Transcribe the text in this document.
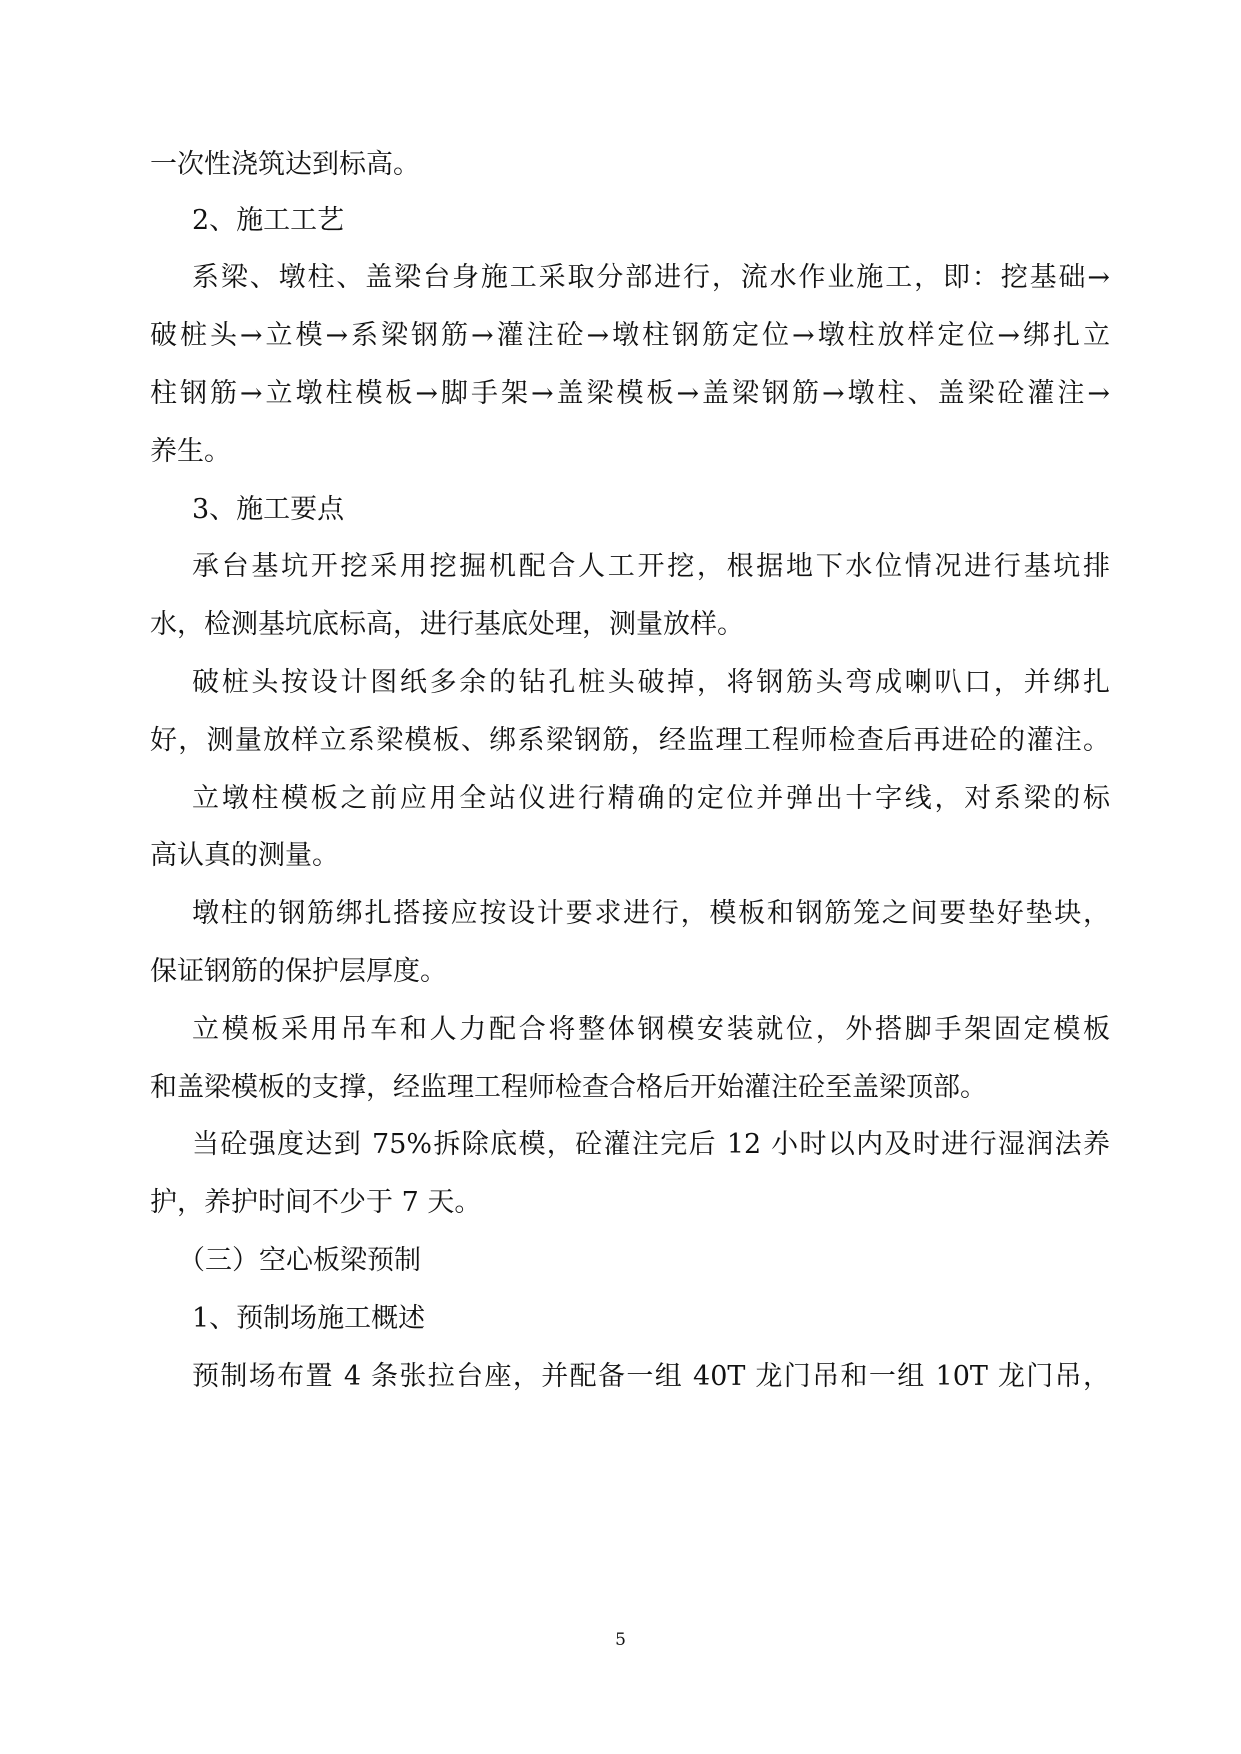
一次性浇筑达到标高。
2、施工工艺
系梁、墩柱、盖梁台身施工采取分部进行，流水作业施工，即：挖基础→
破桩头→立模→系梁钢筋→灌注砼→墩柱钢筋定位→墩柱放样定位→绑扎立
柱钢筋→立墩柱模板→脚手架→盖梁模板→盖梁钢筋→墩柱、盖梁砼灌注→
养生。
3、施工要点
承台基坑开挖采用挖掘机配合人工开挖，根据地下水位情况进行基坑排
水，检测基坑底标高，进行基底处理，测量放样。
破桩头按设计图纸多余的钻孔桩头破掉，将钢筋头弯成喇叭口，并绑扎
好，测量放样立系梁模板、绑系梁钢筋，经监理工程师检查后再进砼的灌注。
立墩柱模板之前应用全站仪进行精确的定位并弹出十字线，对系梁的标
高认真的测量。
墩柱的钢筋绑扎搭接应按设计要求进行，模板和钢筋笼之间要垫好垫块，
保证钢筋的保护层厚度。
立模板采用吊车和人力配合将整体钢模安装就位，外搭脚手架固定模板
和盖梁模板的支撑，经监理工程师检查合格后开始灌注砼至盖梁顶部。
当砼强度达到 75%拆除底模，砼灌注完后 12 小时以内及时进行湿润法养
护，养护时间不少于 7 天。
（三）空心板梁预制
1、预制场施工概述
预制场布置 4 条张拉台座，并配备一组 40T 龙门吊和一组 10T 龙门吊，
5
